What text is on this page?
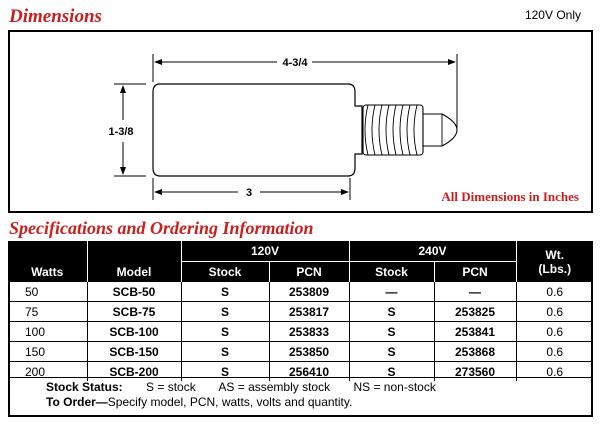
Dimensions	120V Only
4-3/4
1-3/8
3	All Dimensions in Inches
Specifications and Ordering Information
Watts	Model	120V		240V		Wt.
(Lbs.)

		Stock	PCN	Stock	PCN	
50	SCB-50	S	253809	—	—	0.6
75	SCB-75	S	253817	S	253825	0.6
100	SCB-100	S	253833	S	253841	0.6
150	SCB-150	S	253850	S	253868	0.6
200	SCB-200	S	256410	S	273560	0.6
Stock Status: S = stock AS = assembly stock NS = non-stock
To Order—Specify model, PCN, watts, volts and quantity.
